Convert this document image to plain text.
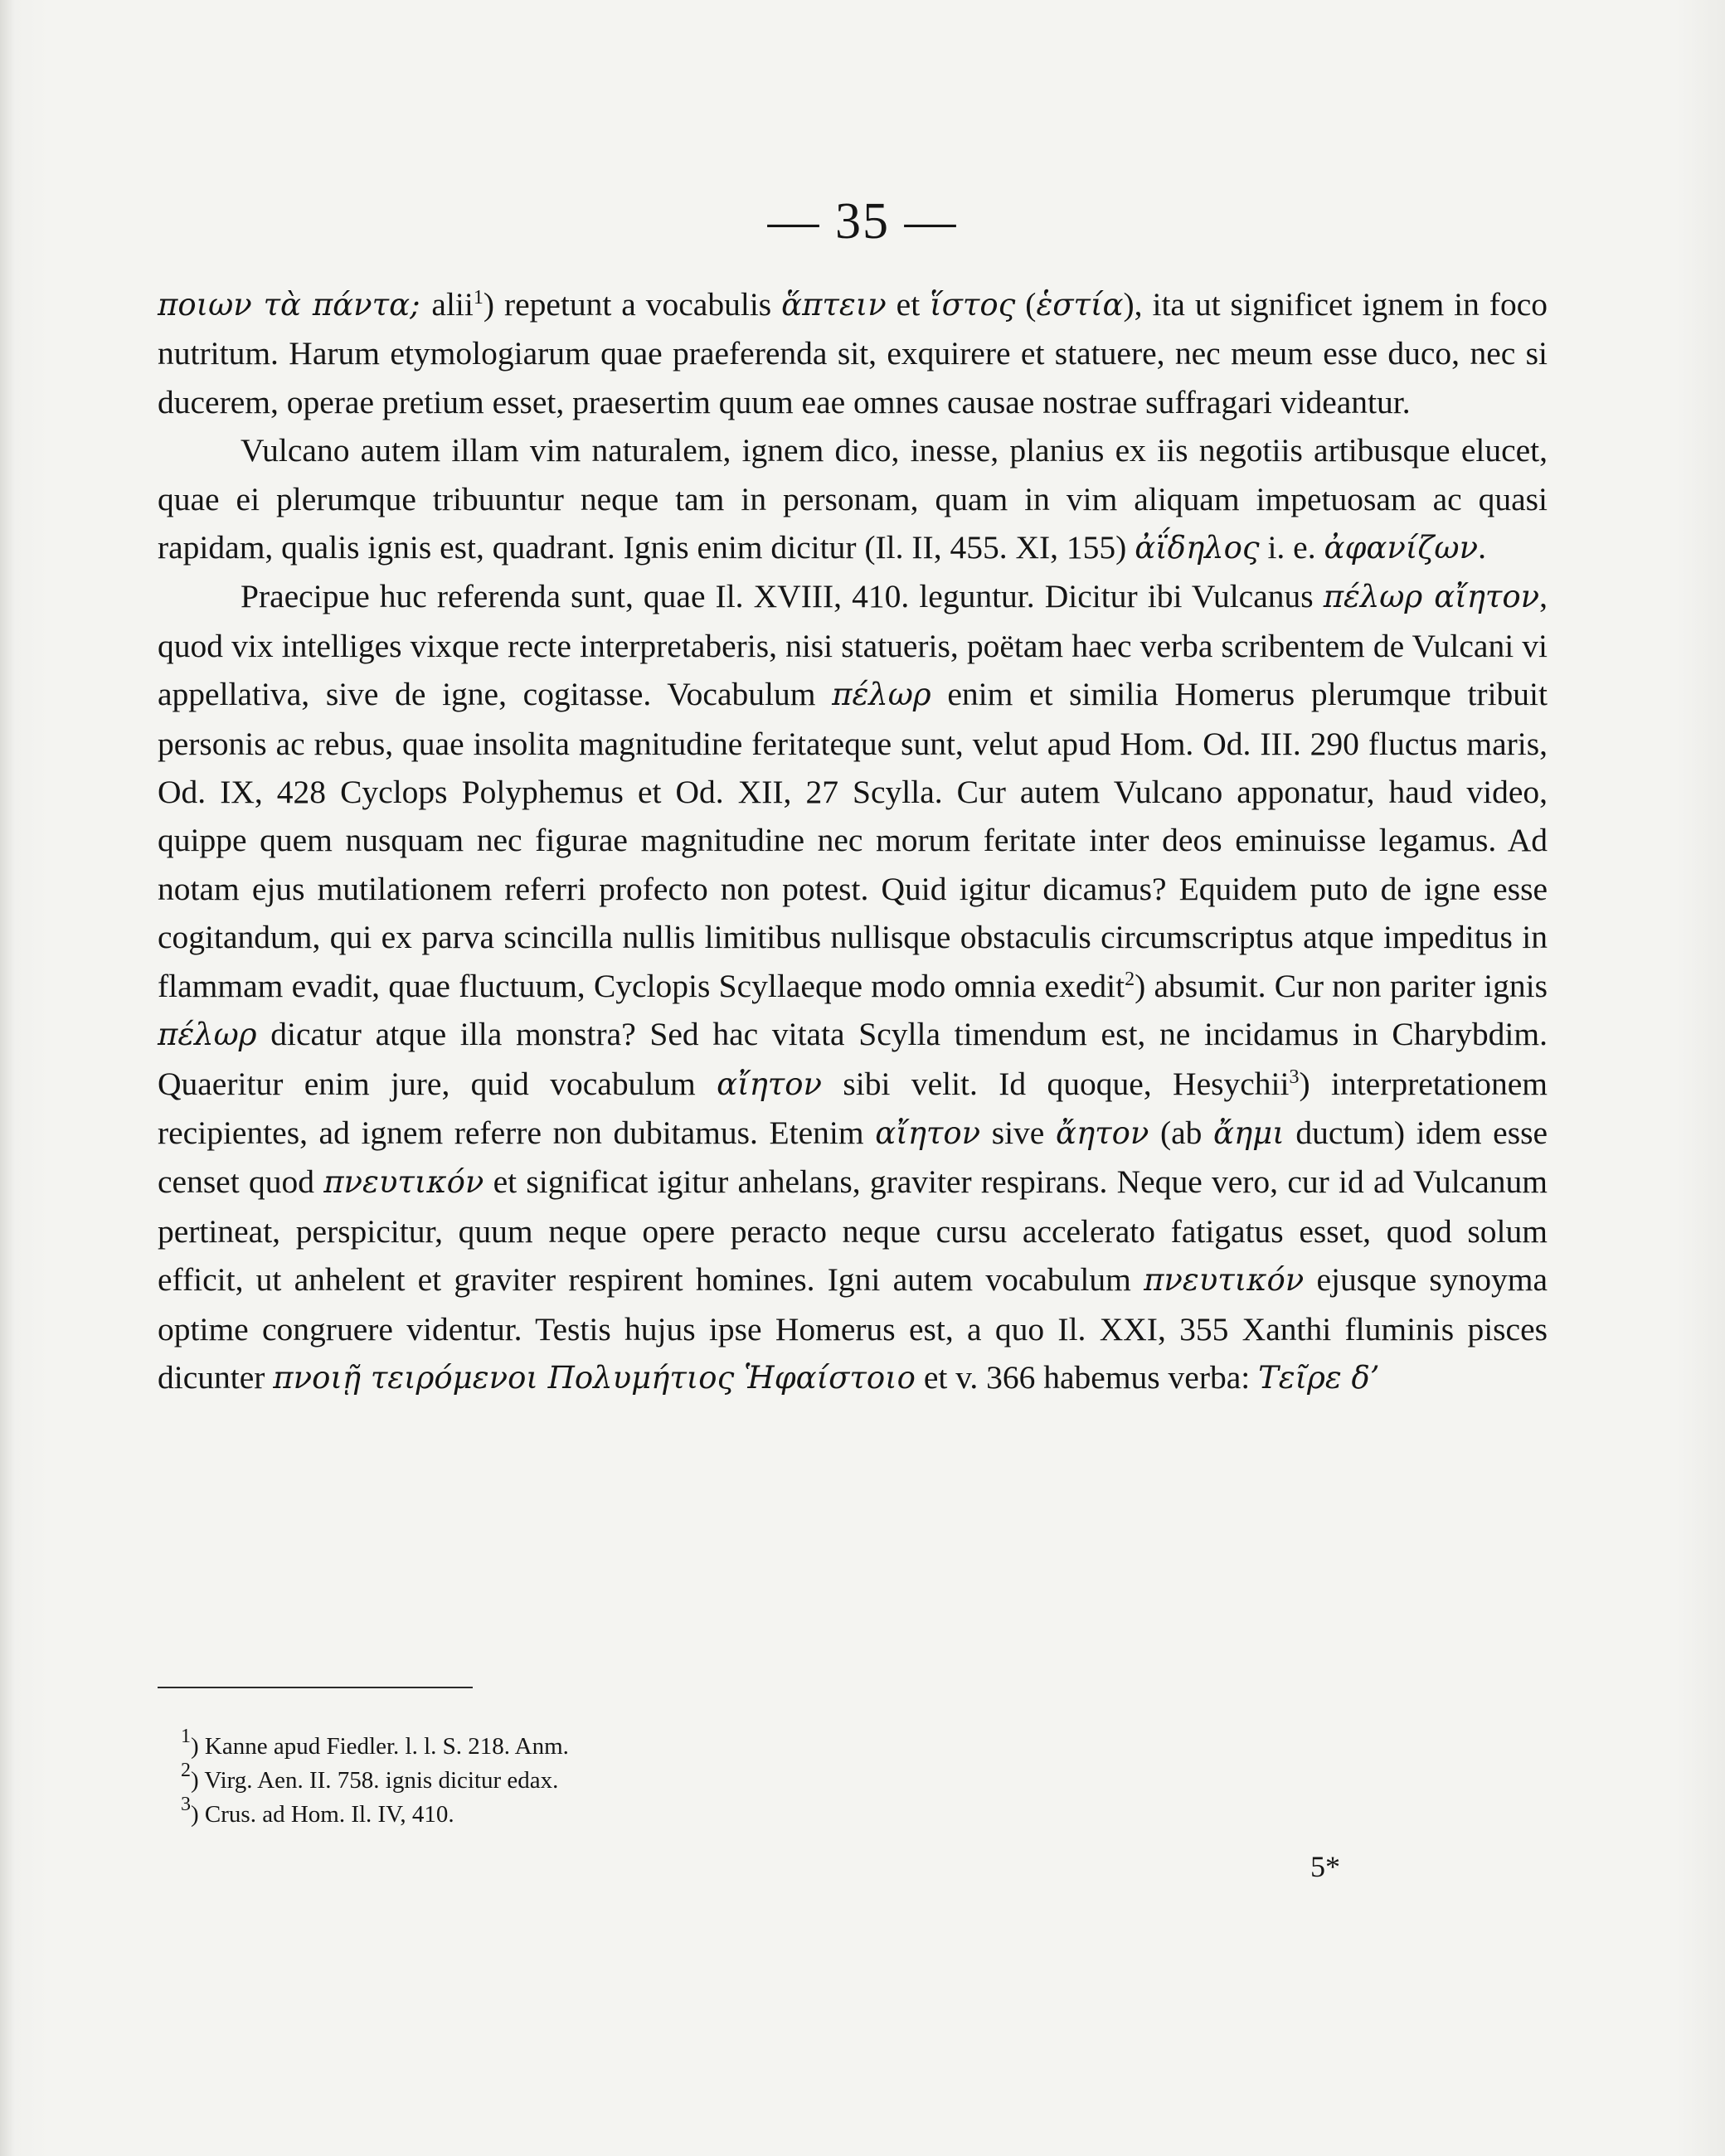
— 35 —

ποιων τὰ πάντα; alii$^1$) repetunt a vocabulis ἅπτειν et ἵστος (ἑστία), ita ut significet ignem in foco nutritum. Harum etymologiarum quae praeferenda sit, exquirere et statuere, nec meum esse duco, nec si ducerem, operae pretium esset, praesertim quum eae omnes causae nostrae suffragari videantur.

Vulcano autem illam vim naturalem, ignem dico, inesse, planius ex iis negotiis artibusque elucet, quae ei plerumque tribuuntur neque tam in personam, quam in vim aliquam impetuosam ac quasi rapidam, qualis ignis est, quadrant. Ignis enim dicitur (Il. II, 455. XI, 155) ἀΐδηλος i. e. ἀφανίζων.

Praecipue huc referenda sunt, quae Il. XVIII, 410. leguntur. Dicitur ibi Vulcanus πέλωρ αἴητον, quod vix intelliges vixque recte interpretaberis, nisi statueris, poëtam haec verba scribentem de Vulcani vi appellativa, sive de igne, cogitasse. Vocabulum πέλωρ enim et similia Homerus plerumque tribuit personis ac rebus, quae insolita magnitudine feritateque sunt, velut apud Hom. Od. III. 290 fluctus maris, Od. IX, 428 Cyclops Polyphemus et Od. XII, 27 Scylla. Cur autem Vulcano apponatur, haud video, quippe quem nusquam nec figurae magnitudine nec morum feritate inter deos eminuisse legamus. Ad notam ejus mutilationem referri profecto non potest. Quid igitur dicamus? Equidem puto de igne esse cogitandum, qui ex parva scincilla nullis limitibus nullisque obstaculis circumscriptus atque impeditus in flammam evadit, quae fluctuum, Cyclopis Scyllaeque modo omnia exedit$^2$) absumit. Cur non pariter ignis πέλωρ dicatur atque illa monstra? Sed hac vitata Scylla timendum est, ne incidamus in Charybdim. Quaeritur enim jure, quid vocabulum αἴητον sibi velit. Id quoque, Hesychii$^3$) interpretationem recipientes, ad ignem referre non dubitamus. Etenim αἴητον sive ἄητον (ab ἄημι ductum) idem esse censet quod πνευτικόν et significat igitur anhelans, graviter respirans. Neque vero, cur id ad Vulcanum pertineat, perspicitur, quum neque opere peracto neque cursu accelerato fatigatus esset, quod solum efficit, ut anhelent et graviter respirent homines. Igni autem vocabulum πνευτικόν ejusque synoyma optime congruere videntur. Testis hujus ipse Homerus est, a quo Il. XXI, 355 Xanthi fluminis pisces dicunter πνοιῇ τειρόμενοι Πολυμήτιος Ἡφαίστοιο et v. 366 habemus verba: Τεῖρε δ’

$^1$) Kanne apud Fiedler. l. l. S. 218. Anm.
$^2$) Virg. Aen. II. 758. ignis dicitur edax.
$^3$) Crus. ad Hom. Il. IV, 410.
5*
